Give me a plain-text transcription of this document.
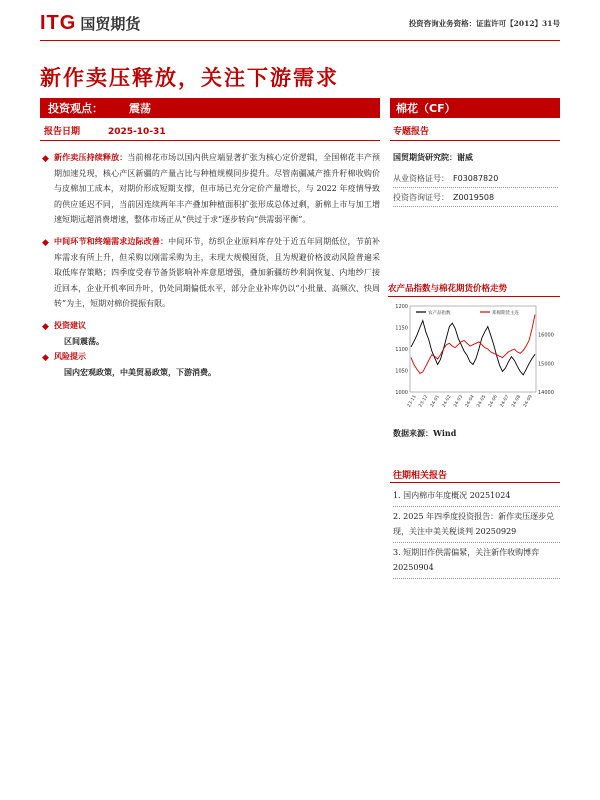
ITG 国贸期货	投资咨询业务资格：证监许可【2012】31号
新作卖压释放，关注下游需求
投资观点： 震荡	棉花（CF）
报告日期	2025-10-31	专题报告
◆ 新作卖压持续释放：当前棉花市场以国内供应端显著扩张为核心定价逻辑，全国棉花丰产预期加速兑现，核心产区新疆的产量占比与种植规模同步提升。尽管南疆减产推升籽棉收购价与皮棉加工成本，对期价形成短期支撑，但市场已充分定价产量增长，与 2022 年疫情导致的供应延迟不同，当前因连续两年丰产叠加种植面积扩张形成总体过剩，新棉上市与加工增速短期远超消费增速，整体市场正从“供过于求”逐步转向“供需弱平衡”。
◆ 中间环节和终端需求边际改善：中间环节，纺织企业原料库存处于近五年同期低位，节前补库需求有所上升，但采购以刚需采购为主，未现大规模囤货，且为规避价格波动风险普遍采取低库存策略；四季度受春节备货影响补库意愿增强，叠加新疆纺纱利润恢复、内地纱厂接近回本，企业开机率回升叶，仍处同期偏低水平，部分企业补库仍以“小批量、高频次、快周转”为主，短期对棉价提振有限。
◆ 投资建议
区间震荡。
◆ 风险提示
国内宏观政策，中美贸易政策，下游消费。
国贸期货研究院：谢威
从业资格证号： F03087820
投资咨询证号： Z0019508
农产品指数与棉花期货价格走势
1200
1150
1100
1050
1000
16000
15000
14000
农产品指数	郑棉期货主连
23-11 23-12 24-01 24-02 24-03 24-04 24-05 24-06 24-07 24-08 24-09
数据来源：Wind
往期相关报告
1. 国内棉市年度概况 20251024
2. 2025 年四季度投资报告：新作卖压逐步兑现，关注中美关税谈判 20250929
3. 短期旧作供需偏紧，关注新作收购博弈 20250904
